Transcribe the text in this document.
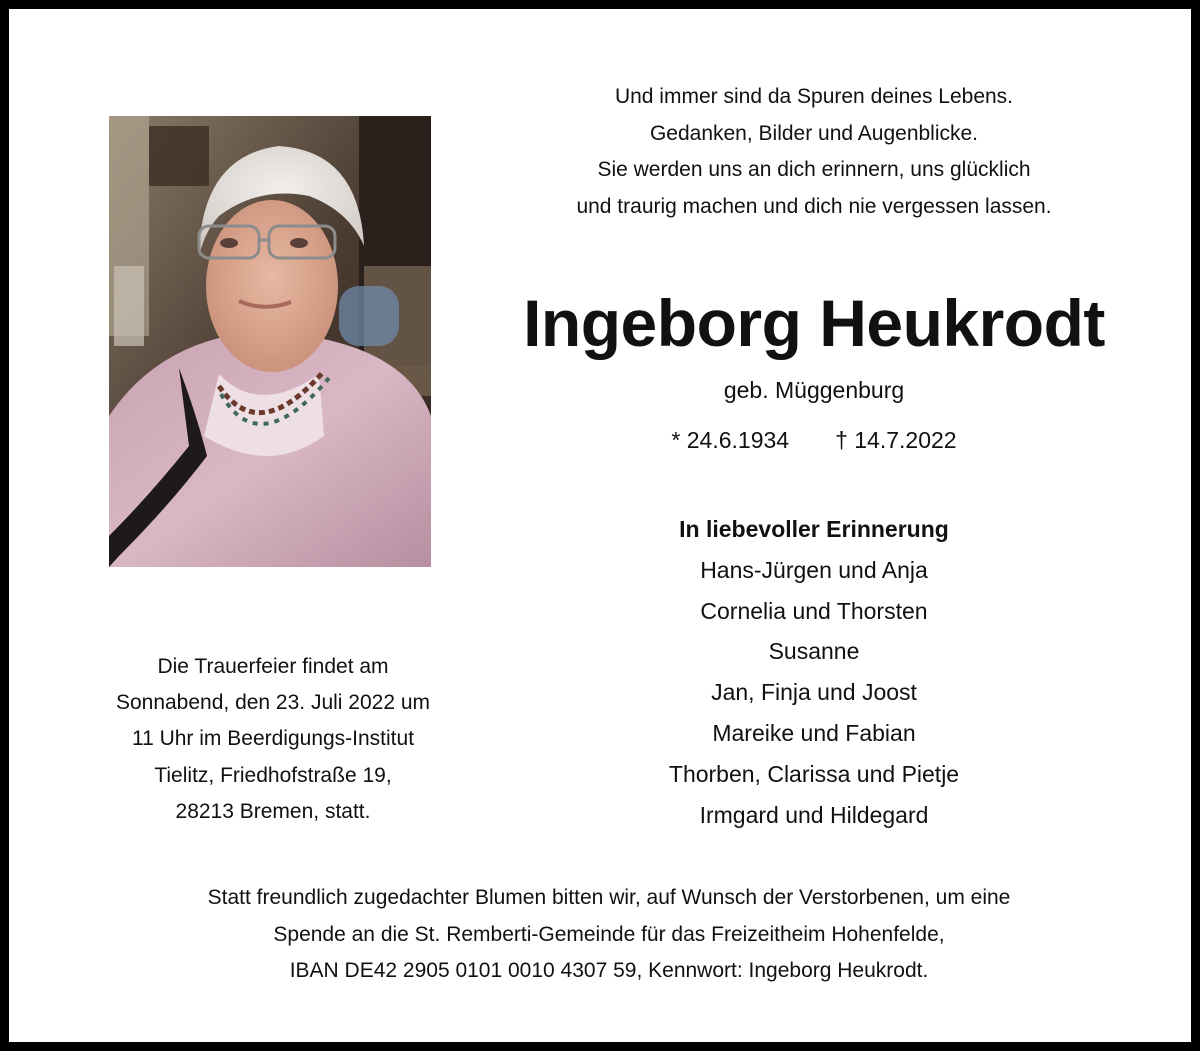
Und immer sind da Spuren deines Lebens.
Gedanken, Bilder und Augenblicke.
Sie werden uns an dich erinnern, uns glücklich
und traurig machen und dich nie vergessen lassen.
Ingeborg Heukrodt
geb. Müggenburg
* 24.6.1934 † 14.7.2022
In liebevoller Erinnerung
Hans-Jürgen und Anja
Cornelia und Thorsten
Susanne
Jan, Finja und Joost
Mareike und Fabian
Thorben, Clarissa und Pietje
Irmgard und Hildegard
Die Trauerfeier findet am
Sonnabend, den 23. Juli 2022 um
11 Uhr im Beerdigungs-Institut
Tielitz, Friedhofstraße 19,
28213 Bremen, statt.
Statt freundlich zugedachter Blumen bitten wir, auf Wunsch der Verstorbenen, um eine
Spende an die St. Remberti-Gemeinde für das Freizeitheim Hohenfelde,
IBAN DE42 2905 0101 0010 4307 59, Kennwort: Ingeborg Heukrodt.
